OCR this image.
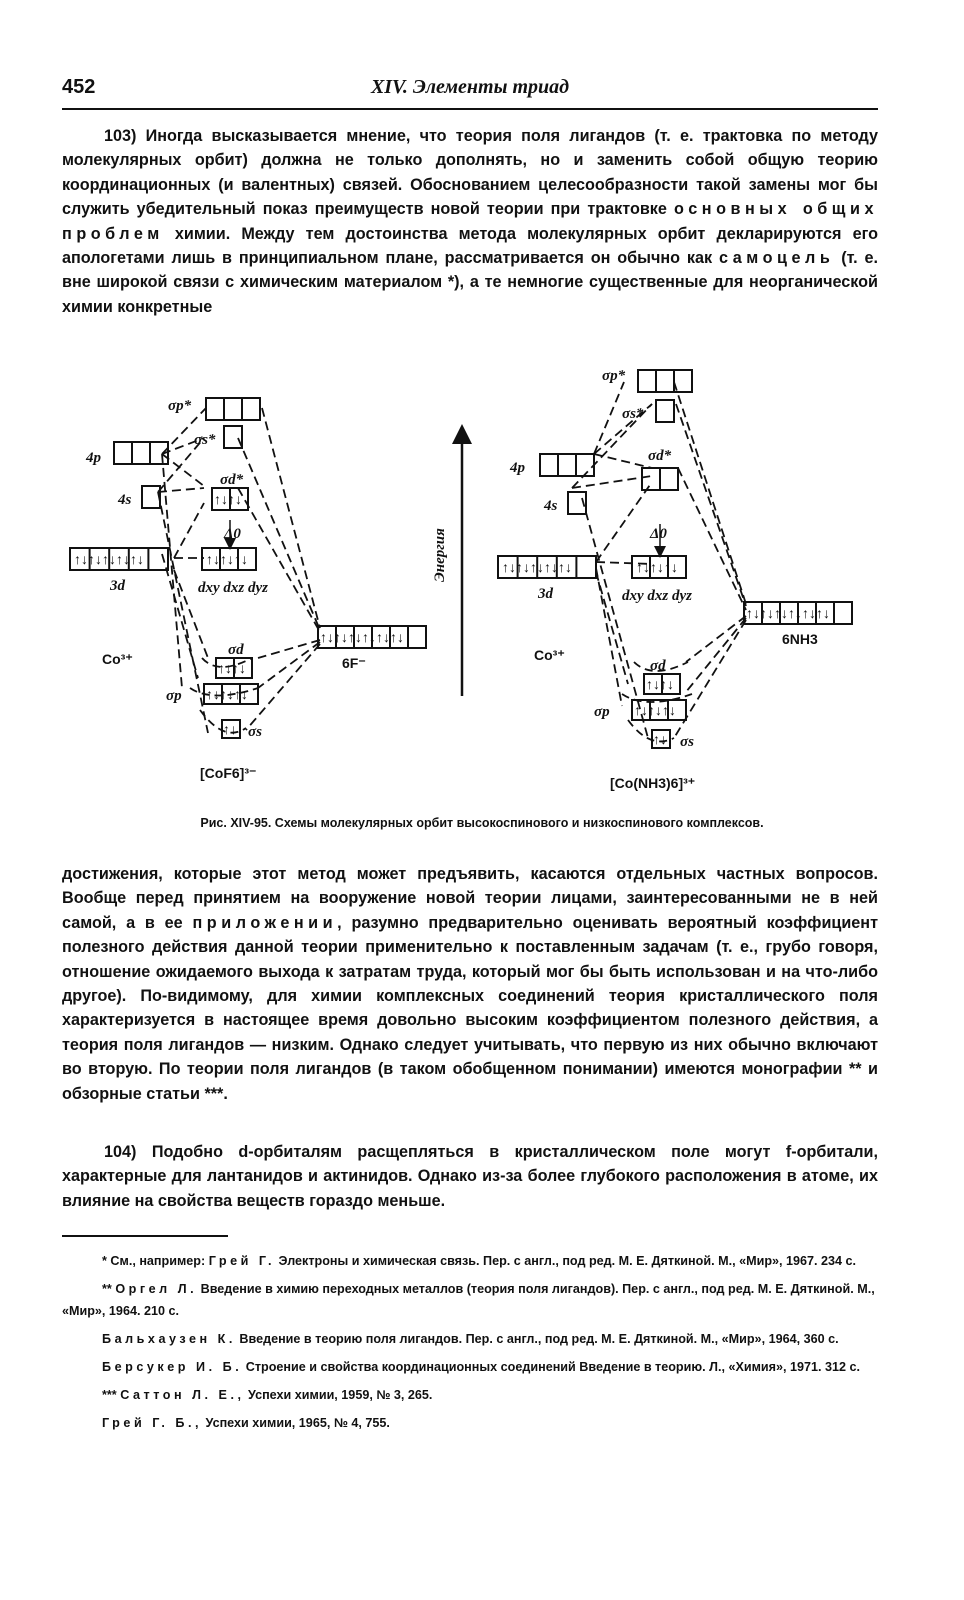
452	XIV. Элементы триад
103) Иногда высказывается мнение, что теория поля лигандов (т. е. трактовка по методу молекулярных орбит) должна не только дополнять, но и заменить собой общую теорию координационных (и валентных) связей. Обоснованием целесообразности такой замены мог бы служить убедительный показ преимуществ новой теории при трактовке основных общих проблем химии. Между тем достоинства метода молекулярных орбит декларируются его апологетами лишь в принципиальном плане, рассматривается он обычно как самоцель (т. е. вне широкой связи с химическим материалом *), а те немногие существенные для неорганической химии конкретные
↑↓↑↓↑↓↑↓↑↓	↑↓↑↓↑↓
↑↓↑↓
↑↓↑↓↑↓↑↓↑↓↑↓
↑↓↑↓
↑↓↑↓↑↓
↑↓
σp*
σs*
4p
4s
σd*
Δ0
3d	dxy dxz dyz
Co³⁺
σd
6F⁻
σp
σs
[CoF6]³⁻
Энергия	↑↓↑↓↑↓↑↓↑↓	↑↓↑↓↑↓
↑↓↑↓↑↓↑↓↑↓↑↓
↑↓↑↓
↑↓↑↓↑↓
↑↓
σp*
σs*
4p
4s
σd*
Δ0
3d	dxy dxz dyz
Co³⁺
σd
6NH3
σp
σs
[Co(NH3)6]³⁺
Рис. XIV-95. Схемы молекулярных орбит высокоспинового и низкоспинового комплексов.
достижения, которые этот метод может предъявить, касаются отдельных частных вопросов. Вообще перед принятием на вооружение новой теории лицами, заинтересованными не в ней самой, а в ее приложении, разумно предварительно оценивать вероятный коэффициент полезного действия данной теории применительно к поставленным задачам (т. е., грубо говоря, отношение ожидаемого выхода к затратам труда, который мог бы быть использован и на что-либо другое). По-видимому, для химии комплексных соединений теория кристаллического поля характеризуется в настоящее время довольно высоким коэффициентом полезного действия, а теория поля лигандов — низким. Однако следует учитывать, что первую из них обычно включают во вторую. По теории поля лигандов (в таком обобщенном понимании) имеются монографии ** и обзорные статьи ***.
104) Подобно d-орбиталям расщепляться в кристаллическом поле могут f-орбитали, характерные для лантанидов и актинидов. Однако из-за более глубокого расположения в атоме, их влияние на свойства веществ гораздо меньше.
* См., например: Грей Г. Электроны и химическая связь. Пер. с англ., под ред. М. Е. Дяткиной. М., «Мир», 1967. 234 с.
** Оргел Л. Введение в химию переходных металлов (теория поля лигандов). Пер. с англ., под ред. М. Е. Дяткиной. М., «Мир», 1964. 210 с.
Бальхаузен К. Введение в теорию поля лигандов. Пер. с англ., под ред. М. Е. Дяткиной. М., «Мир», 1964, 360 с.
Берсукер И. Б. Строение и свойства координационных соединений Введение в теорию. Л., «Химия», 1971. 312 с.
*** Саттон Л. Е., Успехи химии, 1959, № 3, 265.
Грей Г. Б., Успехи химии, 1965, № 4, 755.
